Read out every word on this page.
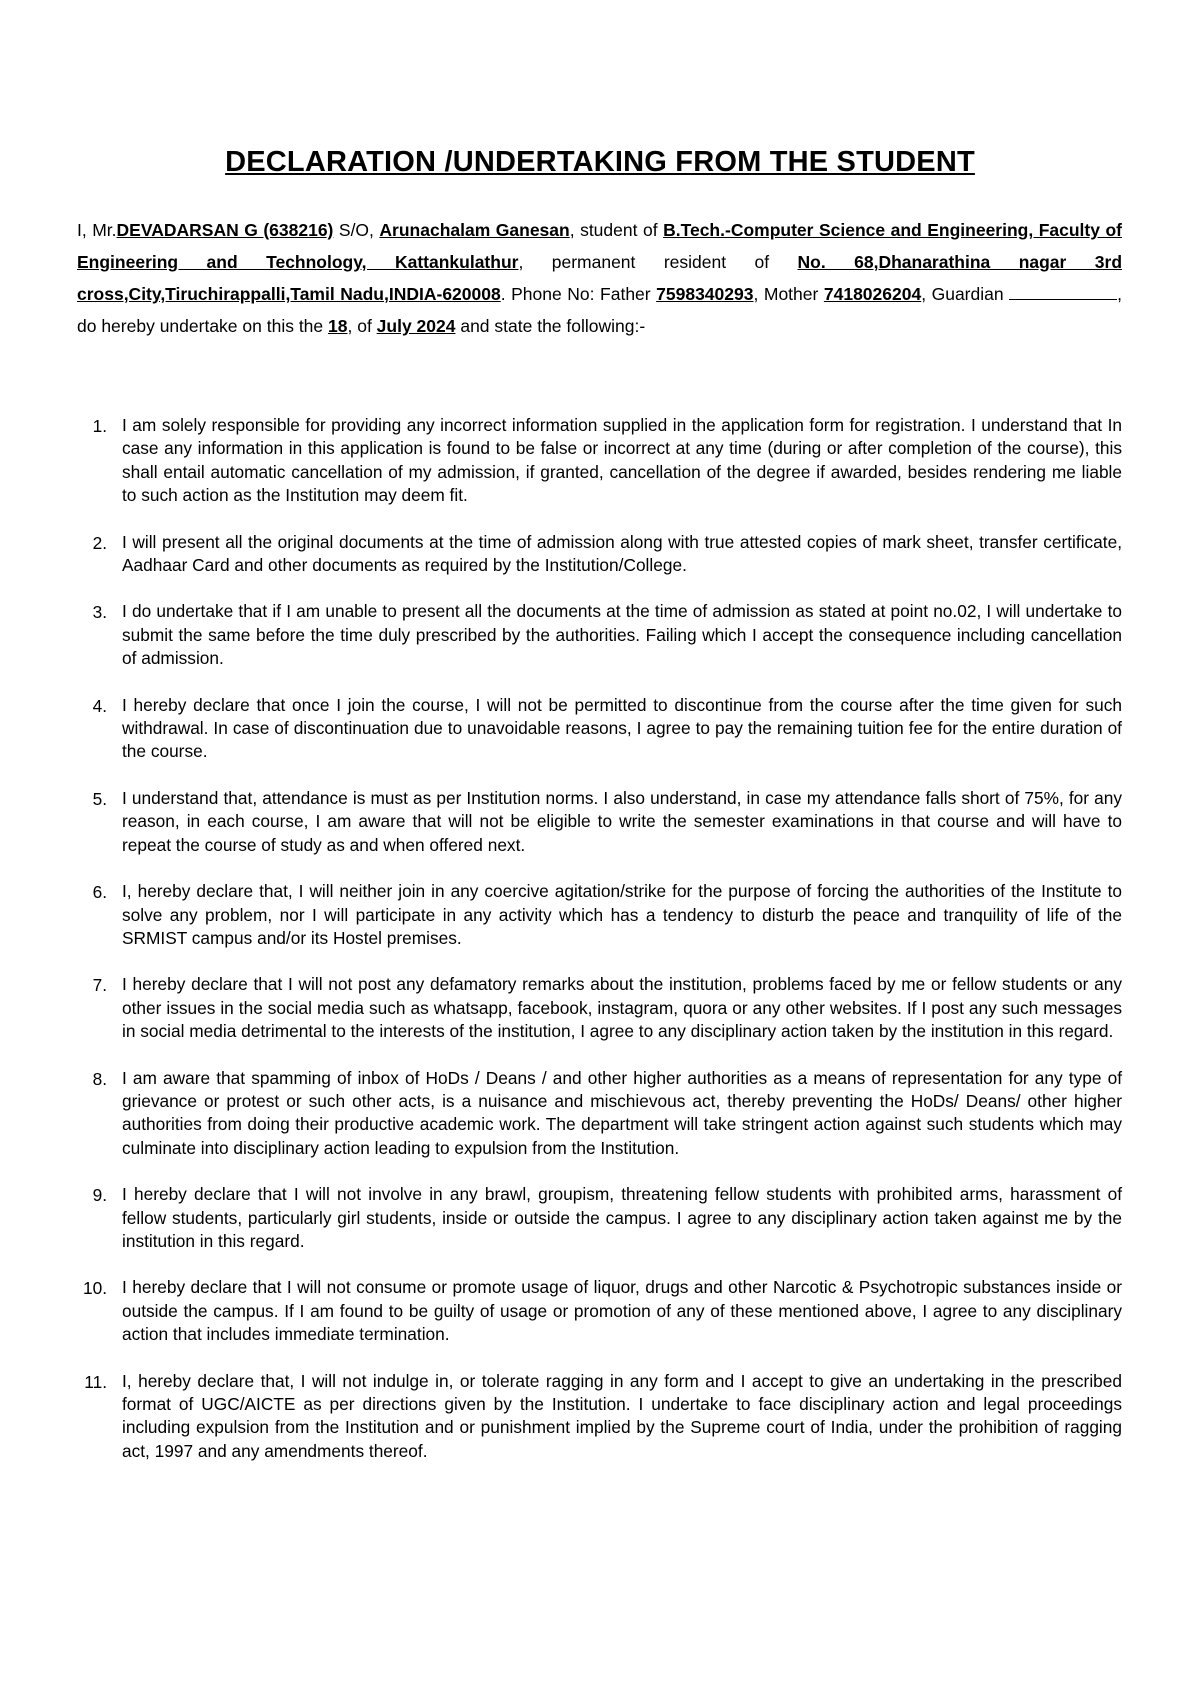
DECLARATION /UNDERTAKING FROM THE STUDENT
I, Mr.DEVADARSAN G (638216) S/O, Arunachalam Ganesan, student of B.Tech.-Computer Science and Engineering, Faculty of Engineering and Technology, Kattankulathur, permanent resident of No. 68,Dhanarathina nagar 3rd cross,City,Tiruchirappalli,Tamil Nadu,INDIA-620008. Phone No: Father 7598340293, Mother 7418026204, Guardian	, do hereby undertake on this the 18, of July 2024 and state the following:-
1. I am solely responsible for providing any incorrect information supplied in the application form for registration. I understand that In case any information in this application is found to be false or incorrect at any time (during or after completion of the course), this shall entail automatic cancellation of my admission, if granted, cancellation of the degree if awarded, besides rendering me liable to such action as the Institution may deem fit.
2. I will present all the original documents at the time of admission along with true attested copies of mark sheet, transfer certificate, Aadhaar Card and other documents as required by the Institution/College.
3. I do undertake that if I am unable to present all the documents at the time of admission as stated at point no.02, I will undertake to submit the same before the time duly prescribed by the authorities. Failing which I accept the consequence including cancellation of admission.
4. I hereby declare that once I join the course, I will not be permitted to discontinue from the course after the time given for such withdrawal. In case of discontinuation due to unavoidable reasons, I agree to pay the remaining tuition fee for the entire duration of the course.
5. I understand that, attendance is must as per Institution norms. I also understand, in case my attendance falls short of 75%, for any reason, in each course, I am aware that will not be eligible to write the semester examinations in that course and will have to repeat the course of study as and when offered next.
6. I, hereby declare that, I will neither join in any coercive agitation/strike for the purpose of forcing the authorities of the Institute to solve any problem, nor I will participate in any activity which has a tendency to disturb the peace and tranquility of life of the SRMIST campus and/or its Hostel premises.
7. I hereby declare that I will not post any defamatory remarks about the institution, problems faced by me or fellow students or any other issues in the social media such as whatsapp, facebook, instagram, quora or any other websites. If I post any such messages in social media detrimental to the interests of the institution, I agree to any disciplinary action taken by the institution in this regard.
8. I am aware that spamming of inbox of HoDs / Deans / and other higher authorities as a means of representation for any type of grievance or protest or such other acts, is a nuisance and mischievous act, thereby preventing the HoDs/ Deans/ other higher authorities from doing their productive academic work. The department will take stringent action against such students which may culminate into disciplinary action leading to expulsion from the Institution.
9. I hereby declare that I will not involve in any brawl, groupism, threatening fellow students with prohibited arms, harassment of fellow students, particularly girl students, inside or outside the campus. I agree to any disciplinary action taken against me by the institution in this regard.
10. I hereby declare that I will not consume or promote usage of liquor, drugs and other Narcotic & Psychotropic substances inside or outside the campus. If I am found to be guilty of usage or promotion of any of these mentioned above, I agree to any disciplinary action that includes immediate termination.
11. I, hereby declare that, I will not indulge in, or tolerate ragging in any form and I accept to give an undertaking in the prescribed format of UGC/AICTE as per directions given by the Institution. I undertake to face disciplinary action and legal proceedings including expulsion from the Institution and or punishment implied by the Supreme court of India, under the prohibition of ragging act, 1997 and any amendments thereof.
